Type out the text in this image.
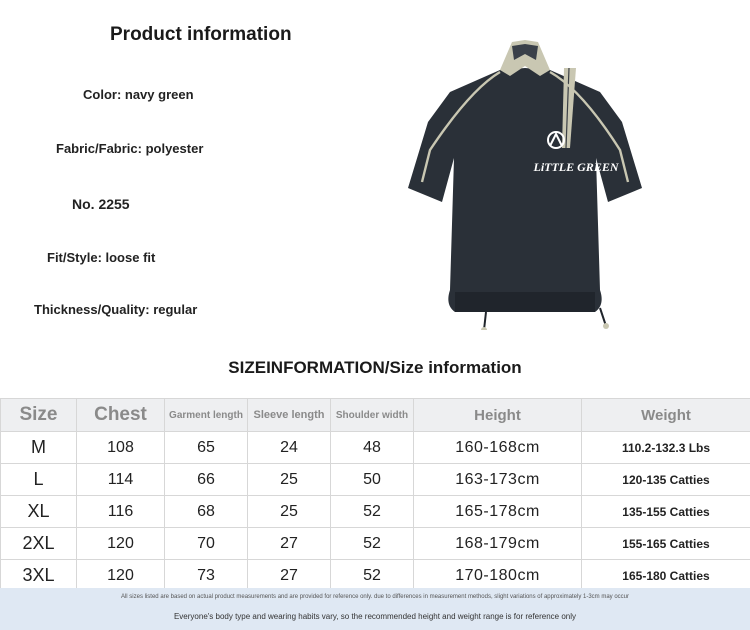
Product information
Color: navy green
Fabric/Fabric: polyester
No. 2255
Fit/Style: loose fit
Thickness/Quality: regular
LiTTLE GREEN
SIZEINFORMATION/Size information
Size	Chest	Garment length	Sleeve length	Shoulder width	Height	Weight
M	108	65	24	48	160-168cm	110.2-132.3 Lbs
L	114	66	25	50	163-173cm	120-135 Catties
XL	116	68	25	52	165-178cm	135-155 Catties
2XL	120	70	27	52	168-179cm	155-165 Catties
3XL	120	73	27	52	170-180cm	165-180 Catties
All sizes listed are based on actual product measurements and are provided for reference only. due to differences in measurement methods, slight variations of approximately 1-3cm may occur
Everyone's body type and wearing habits vary, so the recommended height and weight range is for reference only
